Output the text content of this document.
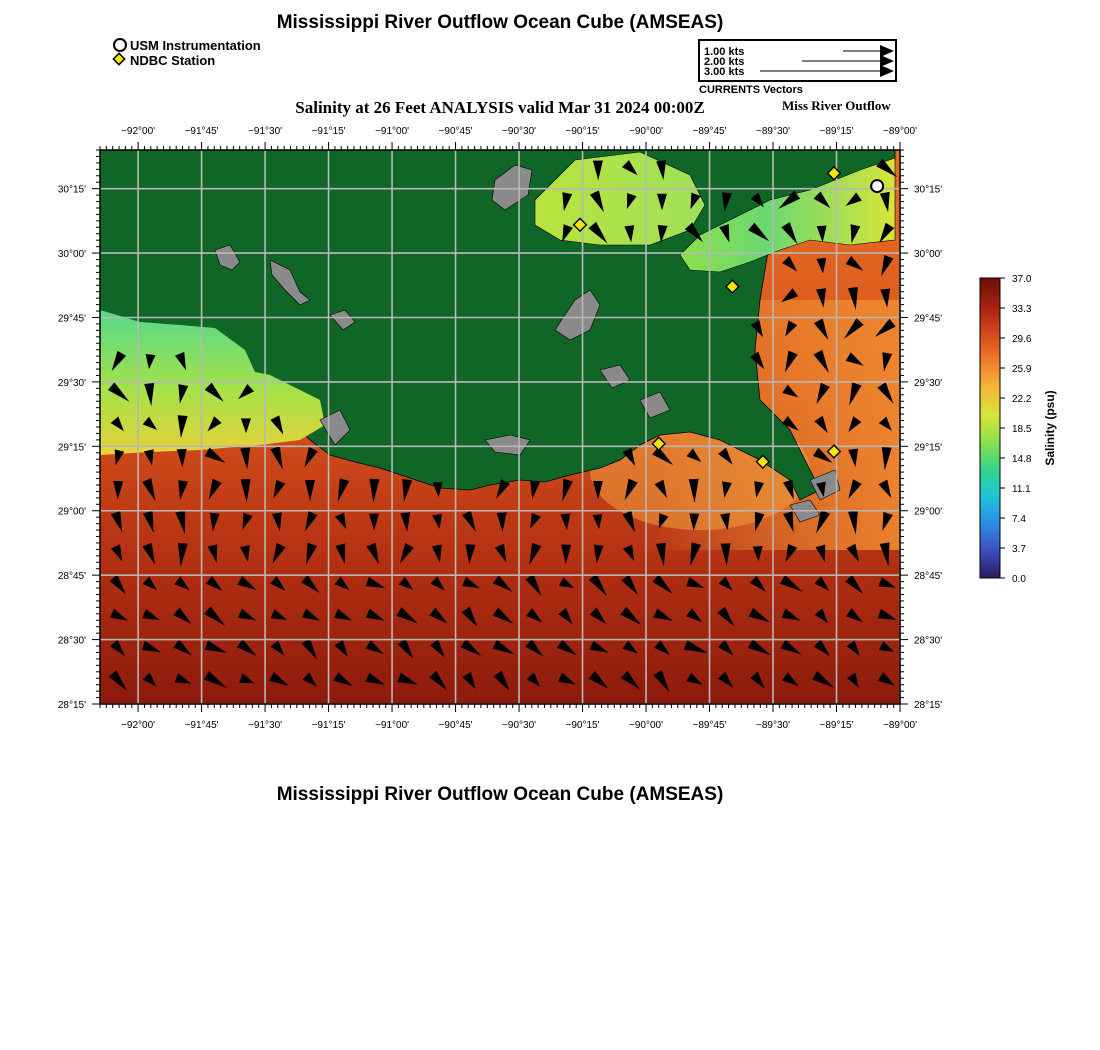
Mississippi River Outflow Ocean Cube (AMSEAS)
USM Instrumentation
NDBC Station
1.00 kts
2.00 kts
3.00 kts
CURRENTS Vectors
Salinity at 26 Feet ANALYSIS valid Mar 31 2024 00:00Z	Miss River Outflow
−92°00'
−92°00'
−91°45'
−91°45'
−91°30'
−91°30'
−91°15'
−91°15'
−91°00'
−91°00'
−90°45'
−90°45'
−90°30'
−90°30'
−90°15'
−90°15'
−90°00'
−90°00'
−89°45'
−89°45'
−89°30'
−89°30'
−89°15'
−89°15'
−89°00'
−89°00'
30°15'	30°15'
30°00'	30°00'
29°45'	29°45'
29°30'	29°30'
29°15'	29°15'
29°00'	29°00'
28°45'	28°45'
28°30'	28°30'
28°15'	28°15'
37.0
33.3
29.6
25.9
22.2
18.5
14.8
11.1
7.4
3.7
0.0
Salinity (psu)
Mississippi River Outflow Ocean Cube (AMSEAS)
